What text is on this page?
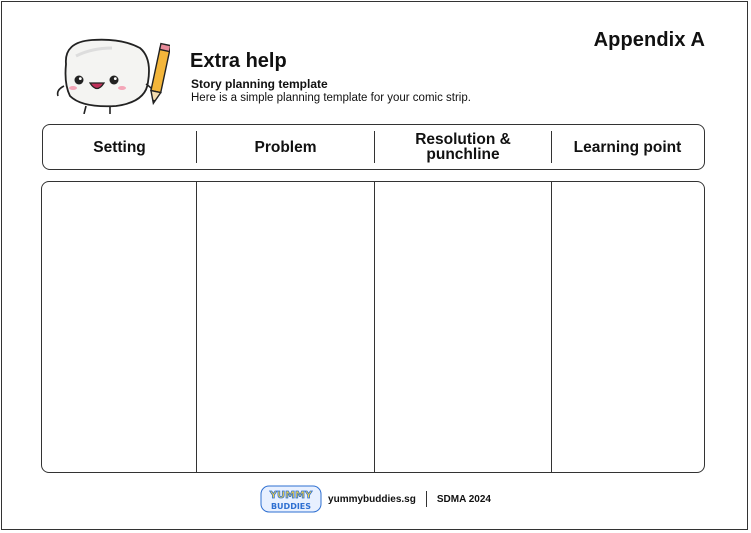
Appendix A
Extra help
Story planning template
Here is a simple planning template for your comic strip.
Setting	Problem	Resolution & punchline	Learning point
YUMMY
BUDDIES
yummybuddies.sg SDMA 2024
